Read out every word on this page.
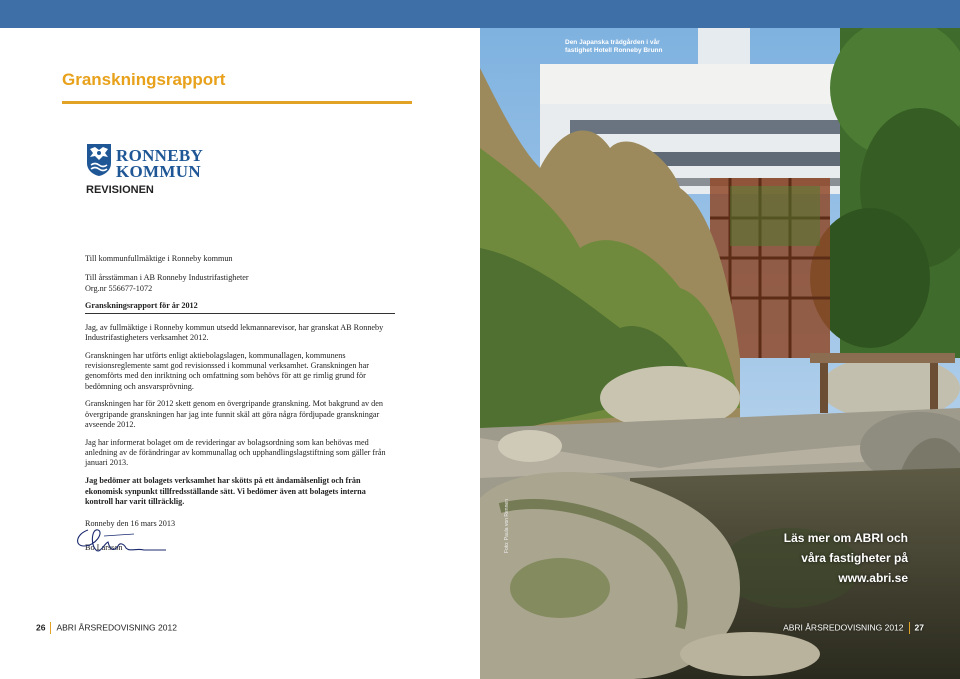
Granskningsrapport
RONNEBY
KOMMUN
REVISIONEN

Till kommunfullmäktige i Ronneby kommun

Till årsstämman i AB Ronneby Industrifastigheter

Org.nr 556677-1072

Granskningsrapport för år 2012

Jag, av fullmäktige i Ronneby kommun utsedd lekmannarevisor, har granskat AB Ronneby Industrifastigheters verksamhet 2012.

Granskningen har utförts enligt aktiebolagslagen, kommunallagen, kommunens revisionsreglemente samt god revisionssed i kommunal verksamhet. Granskningen har genomförts med den inriktning och omfattning som behövs för att ge rimlig grund för bedömning och ansvarsprövning.

Granskningen har för 2012 skett genom en övergripande granskning. Mot bakgrund av den övergripande granskningen har jag inte funnit skäl att göra några fördjupade granskningar avseende 2012.

Jag har informerat bolaget om de revideringar av bolagsordning som kan behövas med anledning av de förändringar av kommunallag och upphandlingslagstiftning som gäller från januari 2013.

Jag bedömer att bolagets verksamhet har skötts på ett ändamålsenligt och från ekonomisk synpunkt tillfredsställande sätt. Vi bedömer även att bolagets interna kontroll har varit tillräcklig.

Ronneby den 16 mars 2013

Bo Larsson

26 ABRI ÅRSREDOVISNING 2012
Den Japanska trädgården i vår fastighet Hotell Ronneby Brunn
Foto: Paula von Rennen	Läs mer om ABRI och
våra fastigheter på
www.abri.se
ABRI ÅRSREDOVISNING 2012 27
